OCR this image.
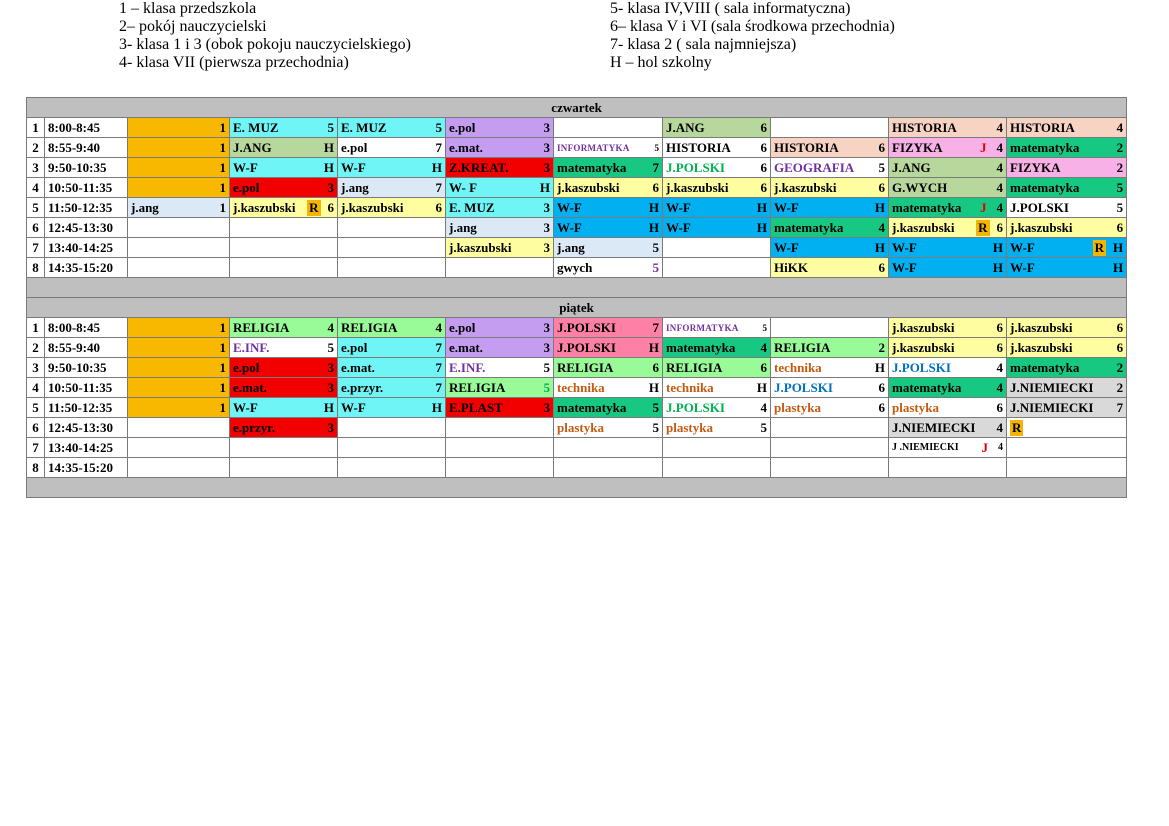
czwartek										
1	8:00-8:45	1	E. MUZ 5	E. MUZ 5	e.pol 3		J.ANG 6		HISTORIA 4	HISTORIA 4

2	8:55-9:40	1	J.ANG H	e.pol 7	e.mat. 3	INFORMATYKA 5	HISTORIA 6	HISTORIA 6	FIZYKA J 4	matematyka 2

3	9:50-10:35	1	W-F H	W-F H	Z.KREAT. 3	matematyka 7	J.POLSKI 6	GEOGRAFIA 5	J.ANG 4	FIZYKA 2

4	10:50-11:35	1	e.pol 3	j.ang 7	W- F H	j.kaszubski 6	j.kaszubski 6	j.kaszubski 6	G.WYCH 4	matematyka 5

5	11:50-12:35	j.ang 1	j.kaszubski R 6	j.kaszubski 6	E. MUZ 3	W-F H	W-F H	W-F H	matematyka J 4	J.POLSKI 5

6	12:45-13:30				j.ang 3	W-F H	W-F H	matematyka 4	j.kaszubski R 6	j.kaszubski 6

7	13:40-14:25				j.kaszubski 3	j.ang 5		W-F H	W-F H	W-F R H

8	14:35-15:20					gwych 5		HiKK 6	W-F H	W-F H

piątek										
1	8:00-8:45	1	RELIGIA 4	RELIGIA 4	e.pol 3	J.POLSKI 7	INFORMATYKA 5		j.kaszubski 6	j.kaszubski 6

2	8:55-9:40	1	E.INF. 5	e.pol 7	e.mat. 3	J.POLSKI H	matematyka 4	RELIGIA 2	j.kaszubski 6	j.kaszubski 6

3	9:50-10:35	1	e.pol 3	e.mat. 7	E.INF. 5	RELIGIA 6	RELIGIA 6	technika H	J.POLSKI 4	matematyka 2

4	10:50-11:35	1	e.mat. 3	e.przyr. 7	RELIGIA 5	technika H	technika H	J.POLSKI 6	matematyka 4	J.NIEMIECKI 2

5	11:50-12:35	1	W-F H	W-F H	E.PLAST 3	matematyka 5	J.POLSKI 4	plastyka 6	plastyka 6	J.NIEMIECKI 7

6	12:45-13:30		e.przyr. 3			plastyka 5	plastyka 5		J.NIEMIECKI 4	R

7	13:40-14:25								J .NIEMIECKI J 4	

8	14:35-15:20	

1 – klasa przedszkola
2– pokój nauczycielski
3- klasa 1 i 3 (obok pokoju nauczycielskiego)
4- klasa VII (pierwsza przechodnia)
5- klasa IV,VIII ( sala informatyczna)
6– klasa V i VI (sala środkowa przechodnia)
7- klasa 2 ( sala najmniejsza)
H – hol szkolny
